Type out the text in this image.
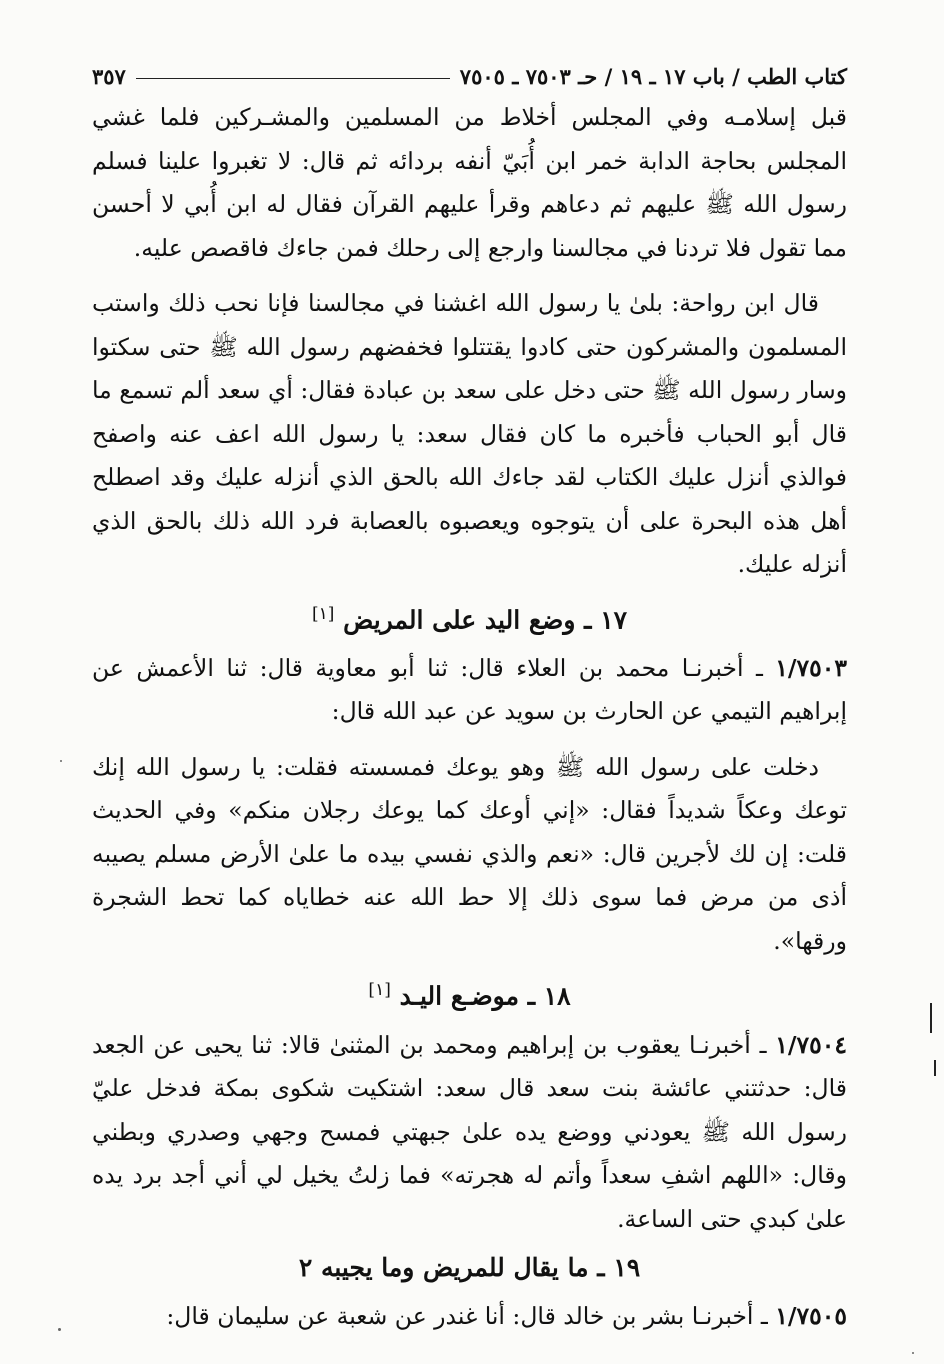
كتاب الطب / باب ١٧ ـ ١٩ / حـ ٧٥٠٣ ـ ٧٥٠٥
٣٥٧

قبل إسلامـه وفي المجلس أخلاط من المسلمين والمشـركين فلما غشي المجلس بحاجة الدابة خمر ابن أُبَيّ أنفه بردائه ثم قال: لا تغبروا علينا فسلم رسول الله ﷺ عليهم ثم دعاهم وقرأ عليهم القرآن فقال له ابن أُبي لا أحسن مما تقول فلا تردنا في مجالسنا وارجع إلى رحلك فمن جاءك فاقصص عليه.

قال ابن رواحة: بلىٰ يا رسول الله اغشنا في مجالسنا فإنا نحب ذلك واستب المسلمون والمشركون حتى كادوا يقتتلوا فخفضهم رسول الله ﷺ حتى سكتوا وسار رسول الله ﷺ حتى دخل على سعد بن عبادة فقال: أي سعد ألم تسمع ما قال أبو الحباب فأخبره ما كان فقال سعد: يا رسول الله اعف عنه واصفح فوالذي أنزل عليك الكتاب لقد جاءك الله بالحق الذي أنزله عليك وقد اصطلح أهل هذه البحرة على أن يتوجوه ويعصبوه بالعصابة فرد الله ذلك بالحق الذي أنزله عليك.

١٧ ـ وضع اليد على المريض [١]

١/٧٥٠٣ ـ أخبرنـا محمد بن العلاء قال: ثنا أبو معاوية قال: ثنا الأعمش عن إبراهيم التيمي عن الحارث بن سويد عن عبد الله قال:

دخلت على رسول الله ﷺ وهو يوعك فمسسته فقلت: يا رسول الله إنك توعك وعكاً شديداً فقال: «إني أوعك كما يوعك رجلان منكم» وفي الحديث قلت: إن لك لأجرين قال: «نعم والذي نفسي بيده ما علىٰ الأرض مسلم يصيبه أذى من مرض فما سوى ذلك إلا حط الله عنه خطاياه كما تحط الشجرة ورقها».

١٨ ـ موضـع اليـد [١]

١/٧٥٠٤ ـ أخبرنـا يعقوب بن إبراهيم ومحمد بن المثنىٰ قالا: ثنا يحيى عن الجعد قال: حدثتني عائشة بنت سعد قال سعد: اشتكيت شكوى بمكة فدخل عليّ رسول الله ﷺ يعودني ووضع يده علىٰ جبهتي فمسح وجهي وصدري وبطني وقال: «اللهم اشفِ سعداً وأتم له هجرته» فما زلتُ يخيل لي أني أجد برد يده علىٰ كبدي حتى الساعة.

١٩ ـ ما يقال للمريض وما يجيبه ٢

١/٧٥٠٥ ـ أخبرنـا بشر بن خالد قال: أنا غندر عن شعبة عن سليمان قال:
